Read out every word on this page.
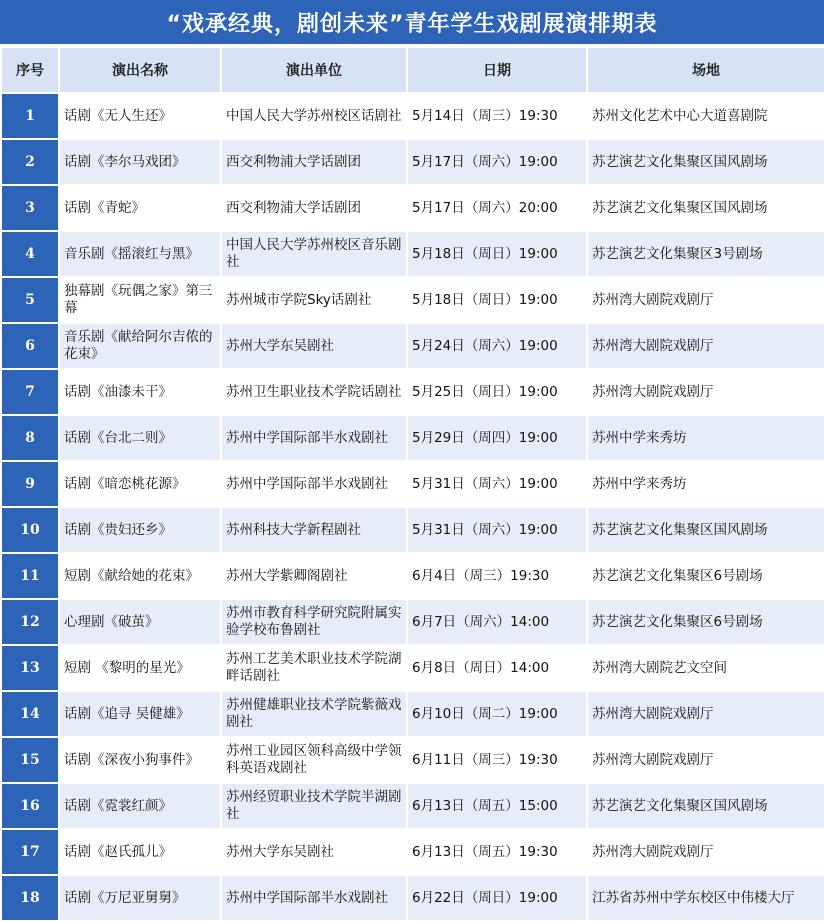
“戏承经典，剧创未来”青年学生戏剧展演排期表
序号	演出名称	演出单位	日期	场地
1	话剧《无人生还》	中国人民大学苏州校区话剧社	5月14日（周三）19:30	苏州文化艺术中心大道喜剧院
2	话剧《李尔马戏团》	西交利物浦大学话剧团	5月17日（周六）19:00	苏艺演艺文化集聚区国风剧场
3	话剧《青蛇》	西交利物浦大学话剧团	5月17日（周六）20:00	苏艺演艺文化集聚区国风剧场
4	音乐剧《摇滚红与黑》	中国人民大学苏州校区音乐剧社	5月18日（周日）19:00	苏艺演艺文化集聚区3号剧场
5	独幕剧《玩偶之家》第三幕	苏州城市学院Sky话剧社	5月18日（周日）19:00	苏州湾大剧院戏剧厅
6	音乐剧《献给阿尔吉侬的花束》	苏州大学东吴剧社	5月24日（周六）19:00	苏州湾大剧院戏剧厅
7	话剧《油漆未干》	苏州卫生职业技术学院话剧社	5月25日（周日）19:00	苏州湾大剧院戏剧厅
8	话剧《台北二则》	苏州中学国际部半水戏剧社	5月29日（周四）19:00	苏州中学来秀坊
9	话剧《暗恋桃花源》	苏州中学国际部半水戏剧社	5月31日（周六）19:00	苏州中学来秀坊
10	话剧《贵妇还乡》	苏州科技大学新程剧社	5月31日（周六）19:00	苏艺演艺文化集聚区国风剧场
11	短剧《献给她的花束》	苏州大学紫卿阁剧社	6月4日（周三）19:30	苏艺演艺文化集聚区6号剧场
12	心理剧《破茧》	苏州市教育科学研究院附属实验学校布鲁剧社	6月7日（周六）14:00	苏艺演艺文化集聚区6号剧场
13	短剧 《黎明的星光》	苏州工艺美术职业技术学院湖畔话剧社	6月8日（周日）14:00	苏州湾大剧院艺文空间
14	话剧《追寻 吴健雄》	苏州健雄职业技术学院紫薇戏剧社	6月10日（周二）19:00	苏州湾大剧院戏剧厅
15	话剧《深夜小狗事件》	苏州工业园区领科高级中学领科英语戏剧社	6月11日（周三）19:30	苏州湾大剧院戏剧厅
16	话剧《霓裳红颜》	苏州经贸职业技术学院半湖剧社	6月13日（周五）15:00	苏艺演艺文化集聚区国风剧场
17	话剧《赵氏孤儿》	苏州大学东吴剧社	6月13日（周五）19:30	苏州湾大剧院戏剧厅
18	话剧《万尼亚舅舅》	苏州中学国际部半水戏剧社	6月22日（周日）19:00	江苏省苏州中学东校区中伟楼大厅
